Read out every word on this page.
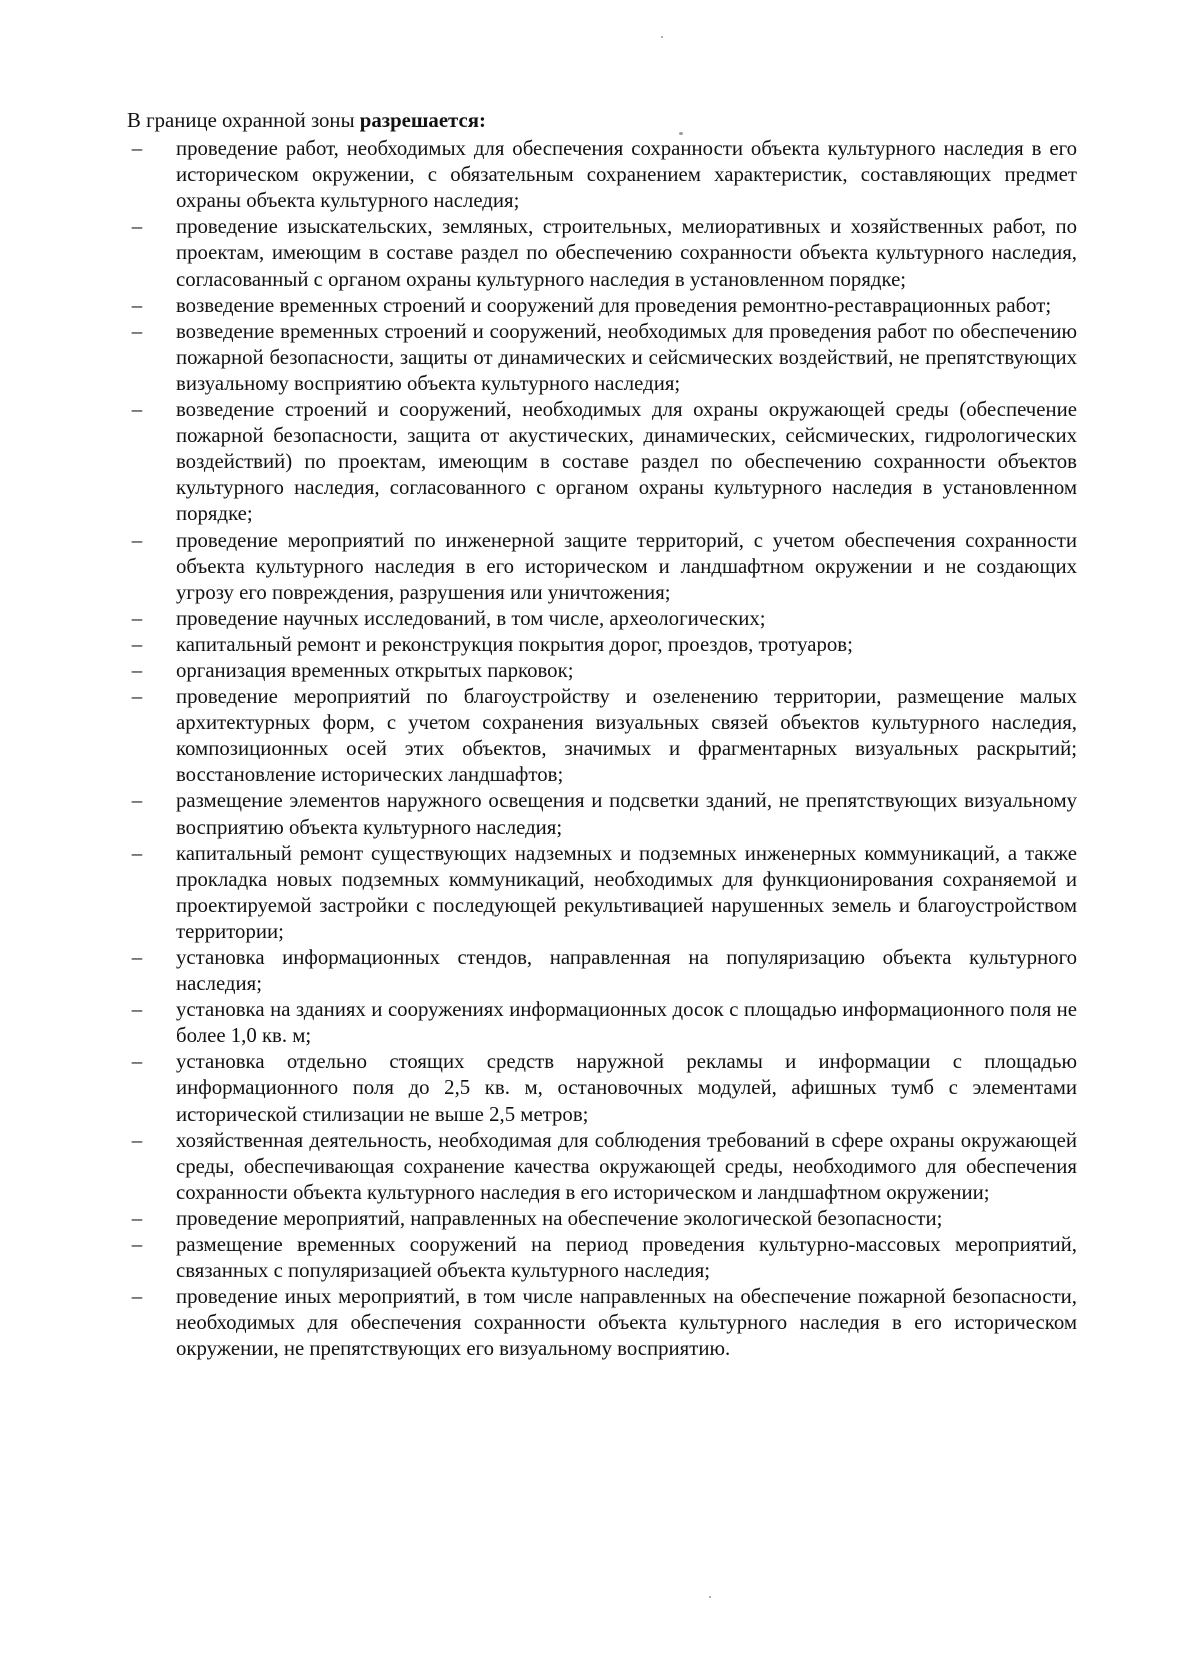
В границе охранной зоны разрешается:
– проведение работ, необходимых для обеспечения сохранности объекта культурного наследия в его историческом окружении, с обязательным сохранением характеристик, составляющих предмет охраны объекта культурного наследия;
– проведение изыскательских, земляных, строительных, мелиоративных и хозяйственных работ, по проектам, имеющим в составе раздел по обеспечению сохранности объекта культурного наследия, согласованный с органом охраны культурного наследия в установленном порядке;
– возведение временных строений и сооружений для проведения ремонтно-реставрационных работ;
– возведение временных строений и сооружений, необходимых для проведения работ по обеспечению пожарной безопасности, защиты от динамических и сейсмических воздействий, не препятствующих визуальному восприятию объекта культурного наследия;
– возведение строений и сооружений, необходимых для охраны окружающей среды (обеспечение пожарной безопасности, защита от акустических, динамических, сейсмических, гидрологических воздействий) по проектам, имеющим в составе раздел по обеспечению сохранности объектов культурного наследия, согласованного с органом охраны культурного наследия в установленном порядке;
– проведение мероприятий по инженерной защите территорий, с учетом обеспечения сохранности объекта культурного наследия в его историческом и ландшафтном окружении и не создающих угрозу его повреждения, разрушения или уничтожения;
– проведение научных исследований, в том числе, археологических;
– капитальный ремонт и реконструкция покрытия дорог, проездов, тротуаров;
– организация временных открытых парковок;
– проведение мероприятий по благоустройству и озеленению территории, размещение малых архитектурных форм, с учетом сохранения визуальных связей объектов культурного наследия, композиционных осей этих объектов, значимых и фрагментарных визуальных раскрытий; восстановление исторических ландшафтов;
– размещение элементов наружного освещения и подсветки зданий, не препятствующих визуальному восприятию объекта культурного наследия;
– капитальный ремонт существующих надземных и подземных инженерных коммуникаций, а также прокладка новых подземных коммуникаций, необходимых для функционирования сохраняемой и проектируемой застройки с последующей рекультивацией нарушенных земель и благоустройством территории;
– установка информационных стендов, направленная на популяризацию объекта культурного наследия;
– установка на зданиях и сооружениях информационных досок с площадью информационного поля не более 1,0 кв. м;
– установка отдельно стоящих средств наружной рекламы и информации с площадью информационного поля до 2,5 кв. м, остановочных модулей, афишных тумб с элементами исторической стилизации не выше 2,5 метров;
– хозяйственная деятельность, необходимая для соблюдения требований в сфере охраны окружающей среды, обеспечивающая сохранение качества окружающей среды, необходимого для обеспечения сохранности объекта культурного наследия в его историческом и ландшафтном окружении;
– проведение мероприятий, направленных на обеспечение экологической безопасности;
– размещение временных сооружений на период проведения культурно-массовых мероприятий, связанных с популяризацией объекта культурного наследия;
– проведение иных мероприятий, в том числе направленных на обеспечение пожарной безопасности, необходимых для обеспечения сохранности объекта культурного наследия в его историческом окружении, не препятствующих его визуальному восприятию.
